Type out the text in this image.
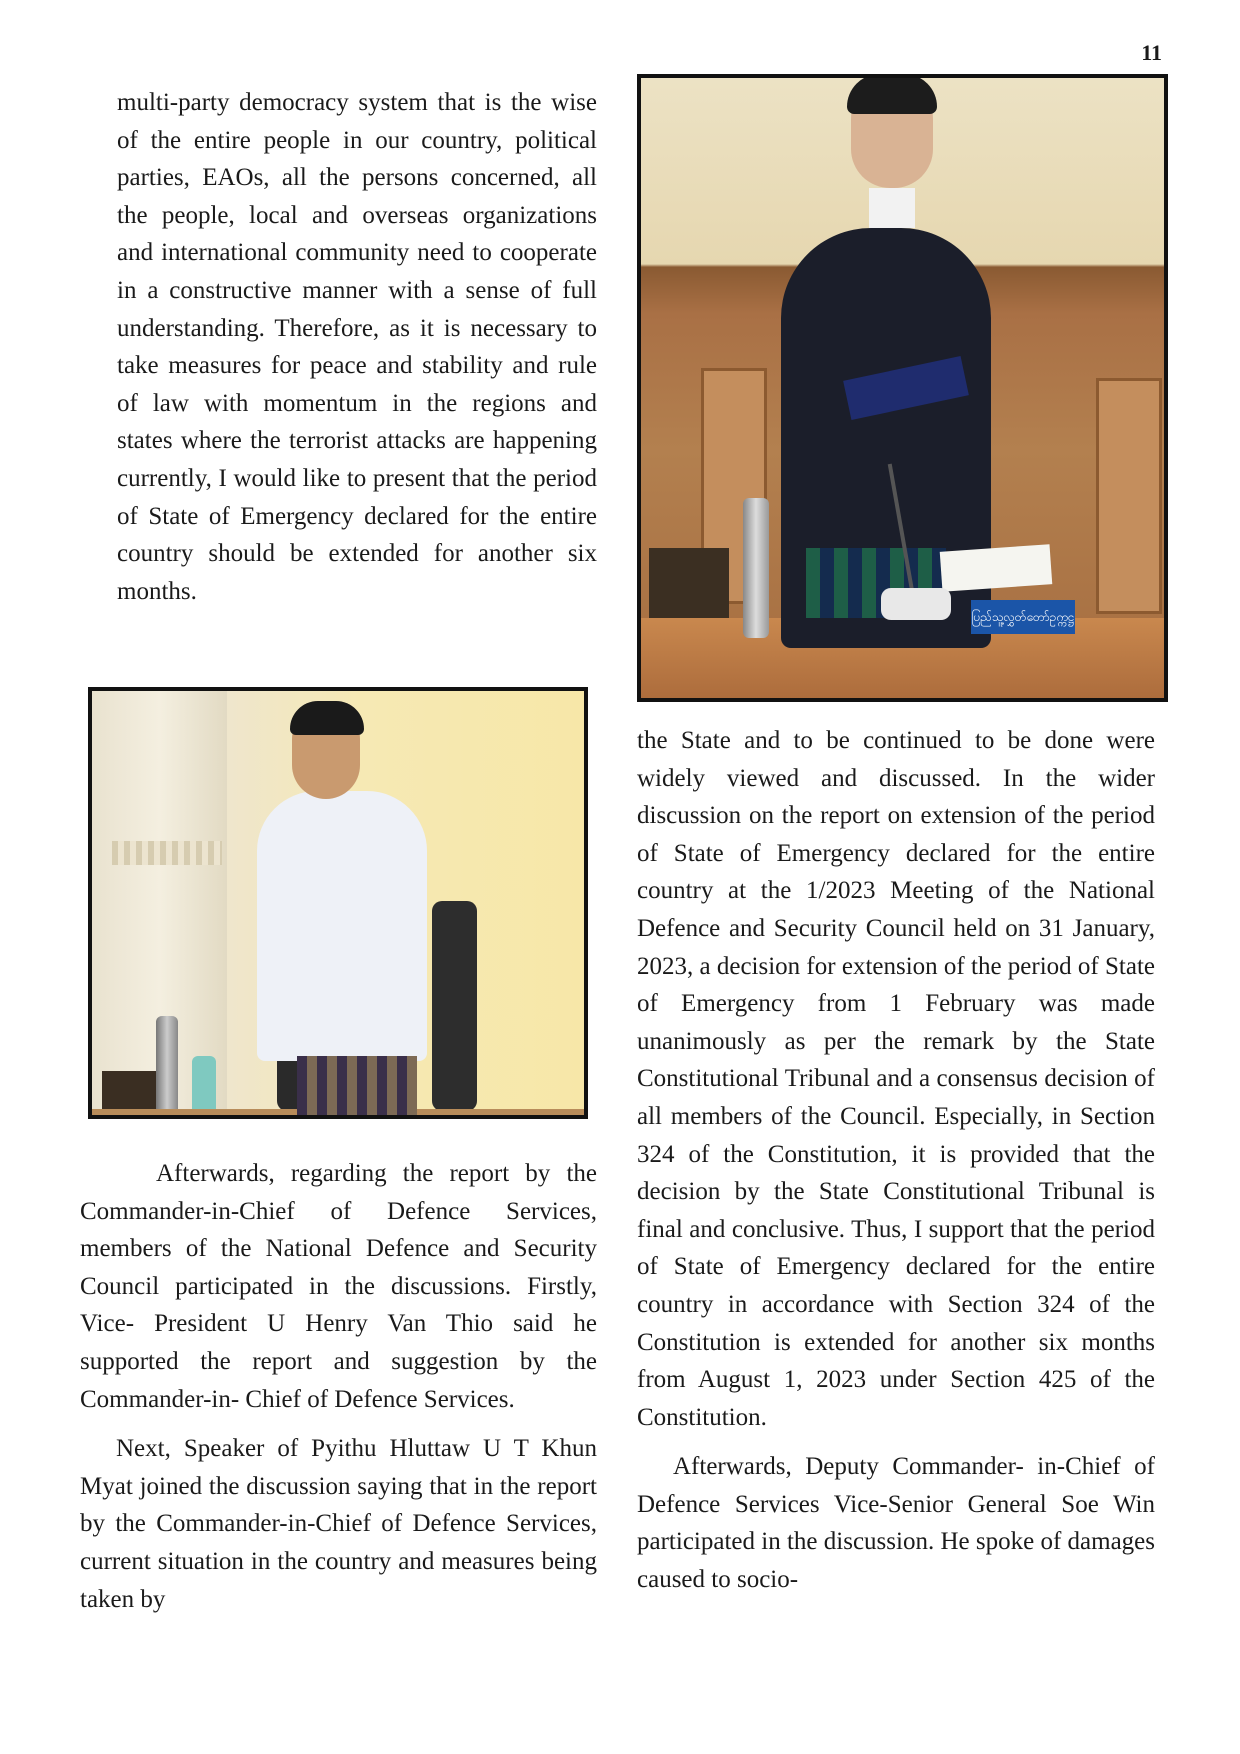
11

multi-party democracy system that is the wise of the entire people in our country, political parties, EAOs, all the persons concerned, all the people, local and overseas organizations and international community need to cooperate in a constructive manner with a sense of full understanding. Therefore, as it is necessary to take measures for peace and stability and rule of law with momentum in the regions and states where the terrorist attacks are happening currently, I would like to present that the period of State of Emergency declared for the entire country should be extended for another six months.

ပြည်သူ့လွှတ်တော်ဥက္ကဋ္ဌ

Afterwards, regarding the report by the Commander-in-Chief of Defence Services, members of the National Defence and Security Council participated in the discussions. Firstly, Vice- President U Henry Van Thio said he supported the report and suggestion by the Commander-in- Chief of Defence Services.

Next, Speaker of Pyithu Hluttaw U T Khun Myat joined the discussion saying that in the report by the Commander-in-Chief of Defence Services, current situation in the country and measures being taken by

the State and to be continued to be done were widely viewed and discussed. In the wider discussion on the report on extension of the period of State of Emergency declared for the entire country at the 1/2023 Meeting of the National Defence and Security Council held on 31 January, 2023, a decision for extension of the period of State of Emergency from 1 February was made unanimously as per the remark by the State Constitutional Tribunal and a consensus decision of all members of the Council. Especially, in Section 324 of the Constitution, it is provided that the decision by the State Constitutional Tribunal is final and conclusive. Thus, I support that the period of State of Emergency declared for the entire country in accordance with Section 324 of the Constitution is extended for another six months from August 1, 2023 under Section 425 of the Constitution.

Afterwards, Deputy Commander- in-Chief of Defence Services Vice-Senior General Soe Win participated in the discussion. He spoke of damages caused to socio-
